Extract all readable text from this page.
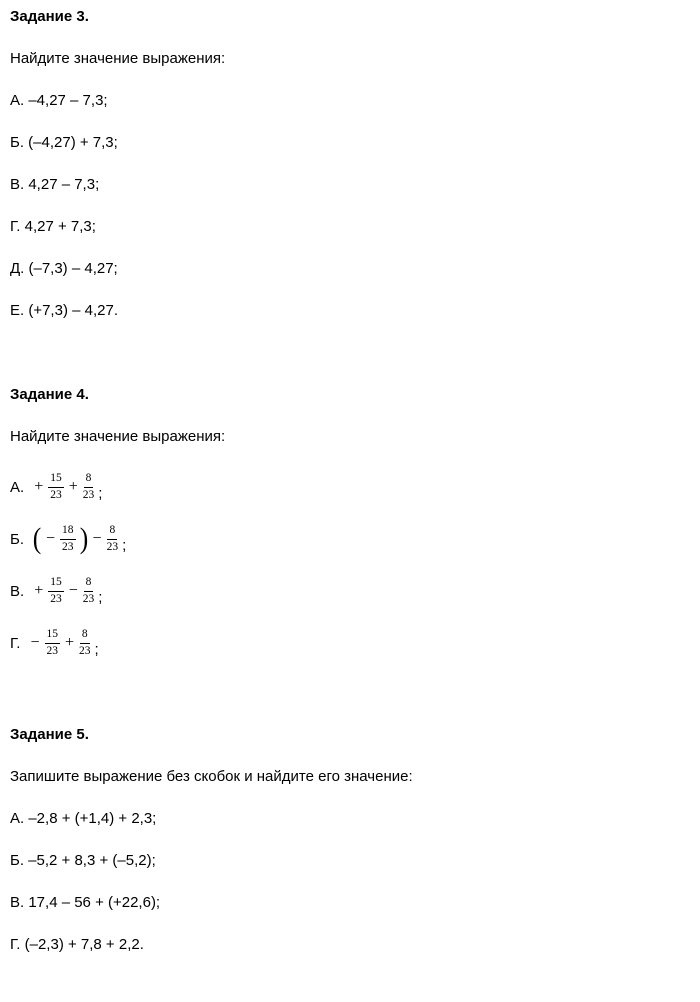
Задание 3.

Найдите значение выражения:

А. –4,27 – 7,3;

Б. (–4,27) + 7,3;

В. 4,27 – 7,3;

Г. 4,27 + 7,3;

Д. (–7,3) – 4,27;

Е. (+7,3) – 4,27.

Задание 4.

Найдите значение выражения:

А. + $\frac{15}{23} + \frac{8}{23}$ ;
Б. ( − $\frac{18}{23}$ ) − $\frac{8}{23}$ ;
В. + $\frac{15}{23} - \frac{8}{23}$ ;
Г. − $\frac{15}{23} + \frac{8}{23}$ ;

Задание 5.

Запишите выражение без скобок и найдите его значение:

А. –2,8 + (+1,4) + 2,3;

Б. –5,2 + 8,3 + (–5,2);

В. 17,4 – 56 + (+22,6);

Г. (–2,3) + 7,8 + 2,2.
